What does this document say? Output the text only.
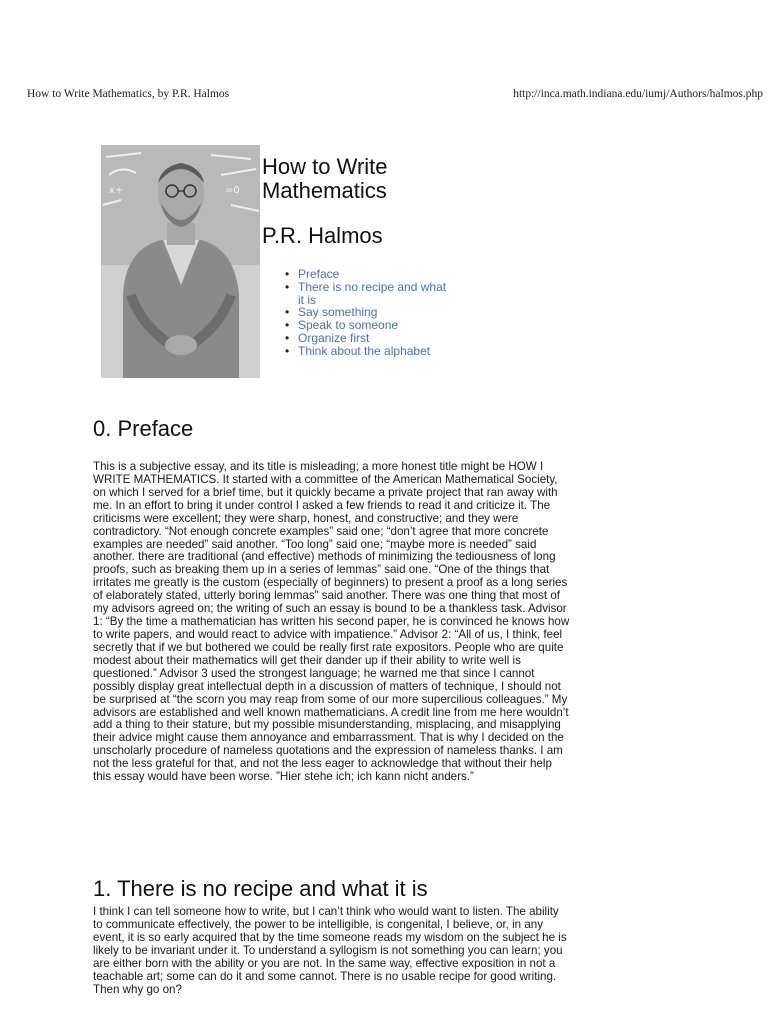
How to Write Mathematics, by P.R. Halmos	http://inca.math.indiana.edu/iumj/Authors/halmos.php
x+	=0
How to Write Mathematics
P.R. Halmos
• Preface
• There is no recipe and what it is
• Say something
• Speak to someone
• Organize first
• Think about the alphabet
0. Preface

This is a subjective essay, and its title is misleading; a more honest title might be HOW I WRITE MATHEMATICS. It started with a committee of the American Mathematical Society, on which I served for a brief time, but it quickly became a private project that ran away with me. In an effort to bring it under control I asked a few friends to read it and criticize it. The criticisms were excellent; they were sharp, honest, and constructive; and they were contradictory. “Not enough concrete examples” said one; “don’t agree that more concrete examples are needed” said another. “Too long” said one; “maybe more is needed” said another. there are traditional (and effective) methods of minimizing the tediousness of long proofs, such as breaking them up in a series of lemmas” said one. “One of the things that irritates me greatly is the custom (especially of beginners) to present a proof as a long series of elaborately stated, utterly boring lemmas” said another. There was one thing that most of my advisors agreed on; the writing of such an essay is bound to be a thankless task. Advisor 1: “By the time a mathematician has written his second paper, he is convinced he knows how to write papers, and would react to advice with impatience.” Advisor 2: “All of us, I think, feel secretly that if we but bothered we could be really first rate expositors. People who are quite modest about their mathematics will get their dander up if their ability to write well is questioned.” Advisor 3 used the strongest language; he warned me that since I cannot possibly display great intellectual depth in a discussion of matters of technique, I should not be surprised at “the scorn you may reap from some of our more supercilious colleagues.” My advisors are established and well known mathematicians. A credit line from me here wouldn’t add a thing to their stature, but my possible misunderstanding, misplacing, and misapplying their advice might cause them annoyance and embarrassment. That is why I decided on the unscholarly procedure of nameless quotations and the expression of nameless thanks. I am not the less grateful for that, and not the less eager to acknowledge that without their help this essay would have been worse. ”Hier stehe ich; ich kann nicht anders.”

1. There is no recipe and what it is

I think I can tell someone how to write, but I can’t think who would want to listen. The ability to communicate effectively, the power to be intelligible, is congenital, I believe, or, in any event, it is so early acquired that by the time someone reads my wisdom on the subject he is likely to be invariant under it. To understand a syllogism is not something you can learn; you are either born with the ability or you are not. In the same way, effective exposition in not a teachable art; some can do it and some cannot. There is no usable recipe for good writing. Then why go on?
